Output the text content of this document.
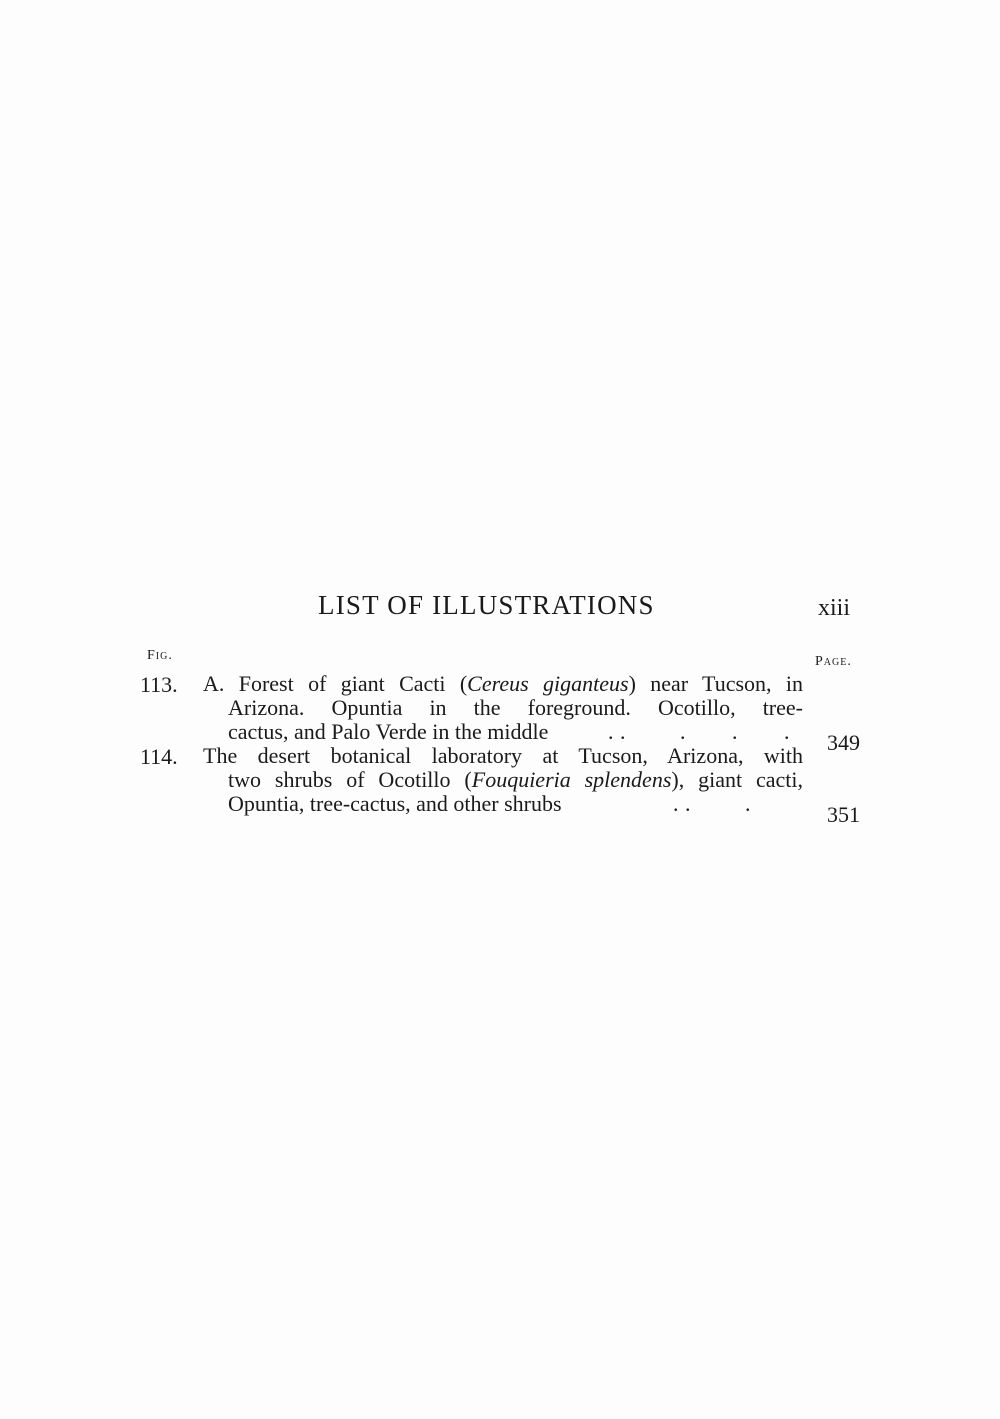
LIST OF ILLUSTRATIONS	xiii
Fig.	Page.
113.	A. Forest of giant Cacti (Cereus giganteus) near Tucson, in
Arizona. Opuntia in the foreground. Ocotillo, tree-
cactus, and Palo Verde in the middle	. . . . . 349
114.	The desert botanical laboratory at Tucson, Arizona, with
two shrubs of Ocotillo (Fouquieria splendens), giant cacti,
Opuntia, tree-cactus, and other shrubs	. . .	351
